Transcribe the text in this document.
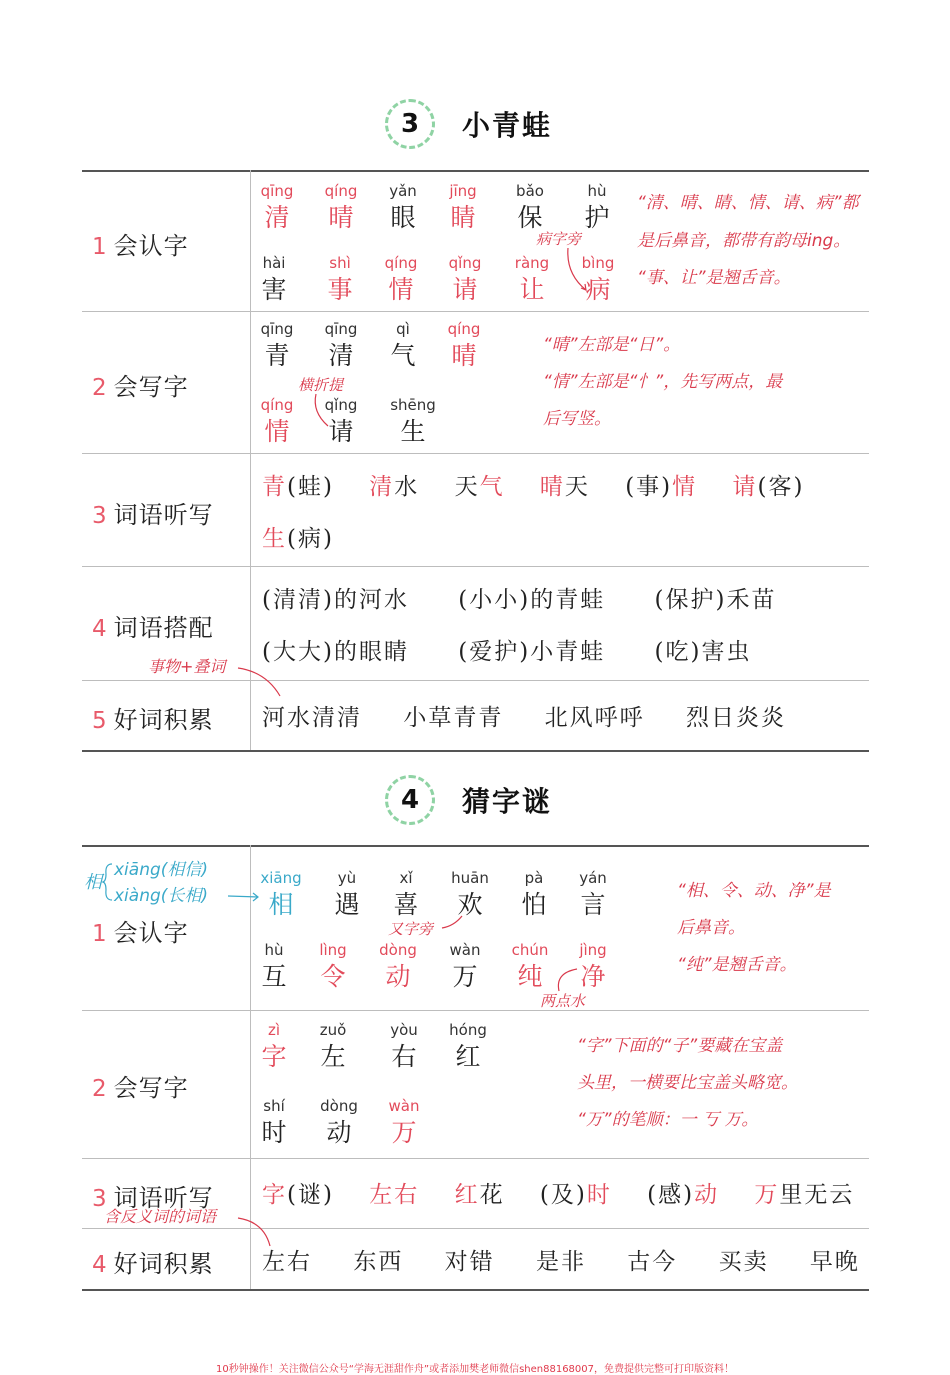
3	小青蛙
1 会认字
2 会写字
3 词语听写
4 词语搭配
5 好词积累
qīng
清
qíng
晴
yǎn
眼
jīng
睛
bǎo
保
hù
护
hài
害
shì
事
qíng
情
qǐng
请
ràng
让
bìng
病
病字旁
“清、晴、睛、情、请、病”都
是后鼻音，都带有韵母ing。
“事、让”是翘舌音。
qīng
青
qīng
清
qì
气
qíng
晴
qíng
情
qǐng
请
shēng
生
横折提
“晴”左部是“日”。
“情”左部是“忄”，先写两点，最
后写竖。
青(蛙) 清水 天气 晴天 (事)情 请(客)
生(病)
(清清)的河水 (小小)的青蛙 (保护)禾苗
(大大)的眼睛 (爱护)小青蛙 (吃)害虫
事物+叠词
河水清清 小草青青 北风呼呼 烈日炎炎
4	猜字谜
1 会认字
2 会写字
3 词语听写
4 好词积累
相
xiāng(相信)
xiàng(长相)
xiāng
相
yù
遇
xǐ
喜
huān
欢
pà
怕
yán
言
hù
互
lìng
令
dòng
动
wàn
万
chún
纯
jìng
净
又字旁
两点水
“相、令、动、净”是
后鼻音。
“纯”是翘舌音。
zì
字
zuǒ
左
yòu
右
hóng
红
shí
时
dòng
动
wàn
万
“字”下面的“子”要藏在宝盖
头里，一横要比宝盖头略宽。
“万”的笔顺：一 丂 万。
字(谜) 左右 红花 (及)时 (感)动 万里无云
含反义词的词语
左右 东西 对错 是非 古今 买卖 早晚
10秒钟操作！关注微信公众号“学海无涯甜作舟”或者添加樊老师微信shen88168007，免费提供完整可打印版资料！
